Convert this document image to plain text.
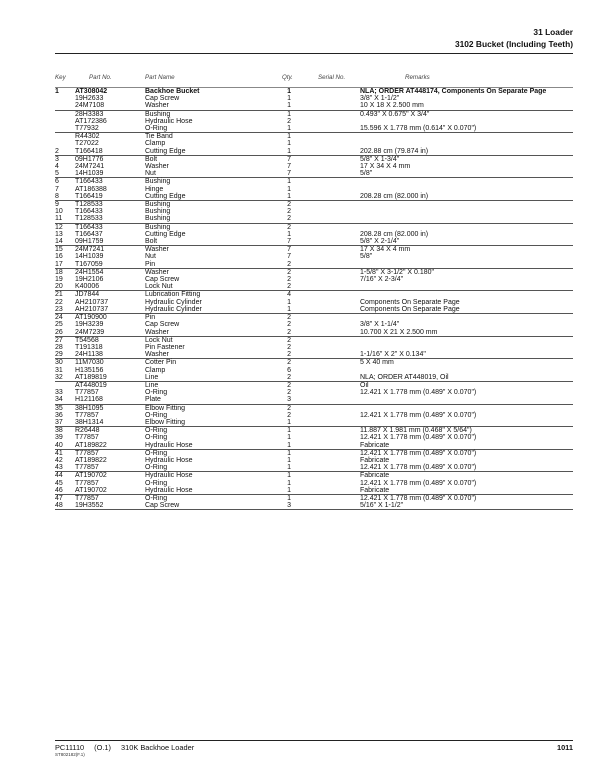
31 Loader
3102 Bucket (Including Teeth)
Key	Part No.	Part Name	Qty.	Serial No.	Remarks
1	AT308042	Backhoe Bucket	1		NLA; ORDER AT448174, Components On Separate Page
	19H2633	Cap Screw	1		3/8" X 1-1/2"
	24M7108	Washer	1		10 X 18 X 2.500 mm
	28H3383	Bushing	1		0.493" X 0.675" X 3/4"
	AT172386	Hydraulic Hose	2		
	T77932	O-Ring	1		15.596 X 1.778 mm (0.614" X 0.070")
	R44302	Tie Band	1		
	T27022	Clamp	1		
2	T166418	Cutting Edge	1		202.88 cm (79.874 in)
3	09H1776	Bolt	7		5/8" X 1-3/4"
4	24M7241	Washer	7		17 X 34 X 4 mm
5	14H1039	Nut	7		5/8"
6	T166433	Bushing	1		
7	AT186388	Hinge	1		
8	T166419	Cutting Edge	1		208.28 cm (82.000 in)
9	T128533	Bushing	2		
10	T166433	Bushing	2		
11	T128533	Bushing	2		
12	T166433	Bushing	2		
13	T166437	Cutting Edge	1		208.28 cm (82.000 in)
14	09H1759	Bolt	7		5/8" X 2-1/4"
15	24M7241	Washer	7		17 X 34 X 4 mm
16	14H1039	Nut	7		5/8"
17	T167059	Pin	2		
18	24H1554	Washer	2		1-5/8" X 3-1/2" X 0.180"
19	19H2106	Cap Screw	2		7/16" X 2-3/4"
20	K40006	Lock Nut	2		
21	JD7844	Lubrication Fitting	4		
22	AH210737	Hydraulic Cylinder	1		Components On Separate Page
23	AH210737	Hydraulic Cylinder	1		Components On Separate Page
24	AT190900	Pin	2		
25	19H3239	Cap Screw	2		3/8" X 1-1/4"
26	24M7239	Washer	2		10.700 X 21 X 2.500 mm
27	T54568	Lock Nut	2		
28	T191318	Pin Fastener	2		
29	24H1138	Washer	2		1-1/16" X 2" X 0.134"
30	11M7030	Cotter Pin	2		5 X 40 mm
31	H135156	Clamp	6		
32	AT189819	Line	2		NLA; ORDER AT448019, Oil
	AT448019	Line	2		Oil
33	T77857	O-Ring	2		12.421 X 1.778 mm (0.489" X 0.070")
34	H121168	Plate	3		
35	38H1095	Elbow Fitting	2		
36	T77857	O-Ring	2		12.421 X 1.778 mm (0.489" X 0.070")
37	38H1314	Elbow Fitting	1		
38	R26448	O-Ring	1		11.887 X 1.981 mm (0.468" X 5/64")
39	T77857	O-Ring	1		12.421 X 1.778 mm (0.489" X 0.070")
40	AT189822	Hydraulic Hose	1		Fabricate
41	T77857	O-Ring	1		12.421 X 1.778 mm (0.489" X 0.070")
42	AT189822	Hydraulic Hose	1		Fabricate
43	T77857	O-Ring	1		12.421 X 1.778 mm (0.489" X 0.070")
44	AT190702	Hydraulic Hose	1		Fabricate
45	T77857	O-Ring	1		12.421 X 1.778 mm (0.489" X 0.070")
46	AT190702	Hydraulic Hose	1		Fabricate
47	T77857	O-Ring	1		12.421 X 1.778 mm (0.489" X 0.070")
48	19H3552	Cap Screw	3		5/16" X 1-1/2"
PC11110 (O.1) 310K Backhoe Loader
ST802182(F.1)
1011
